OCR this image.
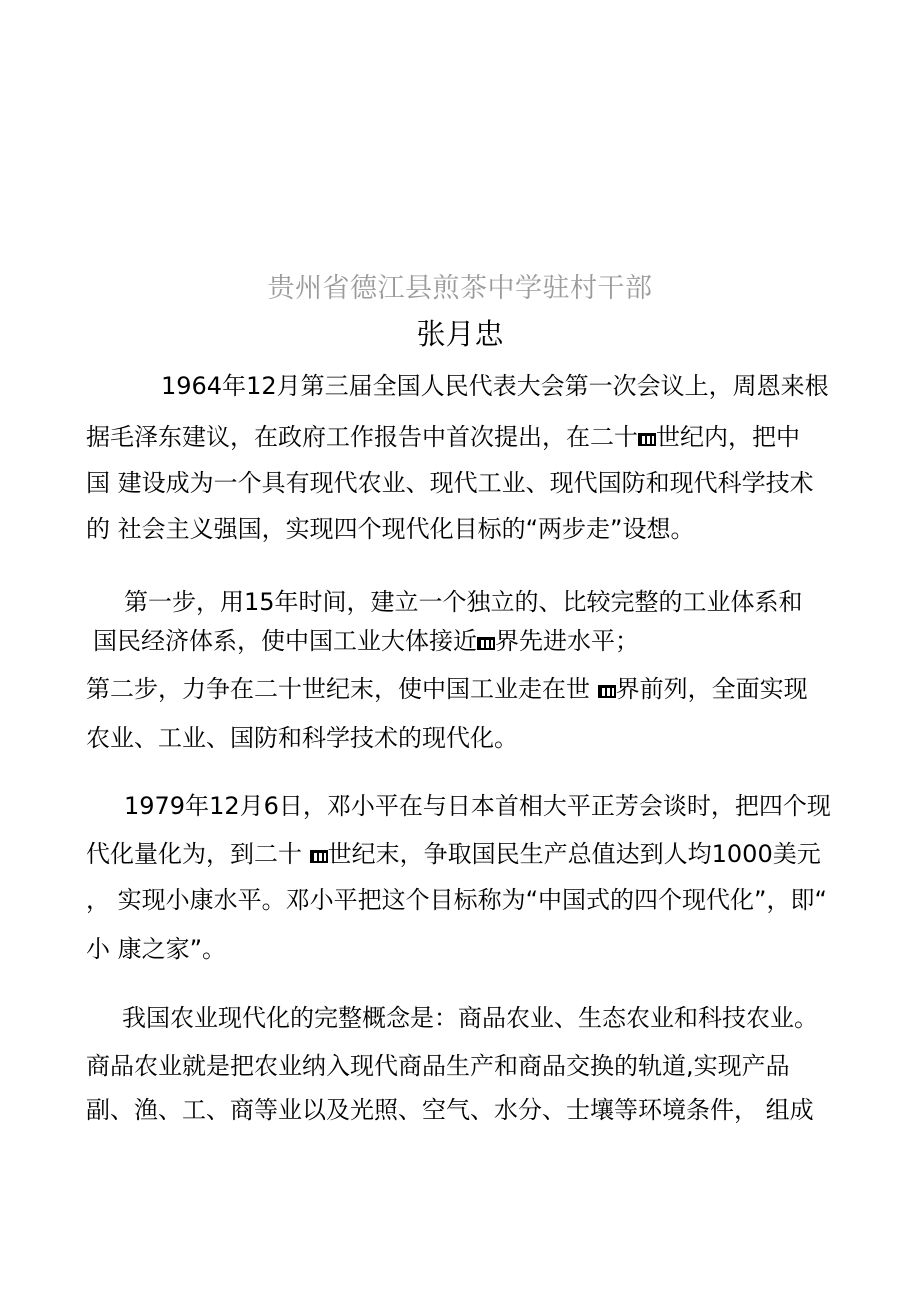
贵州省德江县煎茶中学驻村干部
张月忠

1964年12月第三届全国人民代表大会第一次会议上，周恩来根

据毛泽东建议，在政府工作报告中首次提出，在二十 世纪内，把中

国 建设成为一个具有现代农业、现代工业、现代国防和现代科学技术

的 社会主义强国，实现四个现代化目标的“两步走”设想。

第一步，用15年时间，建立一个独立的、比较完整的工业体系和

国民经济体系，使中国工业大体接近 界先进水平；

第二步，力争在二十世纪末，使中国工业走在世 界前列，全面实现

农业、工业、国防和科学技术的现代化。

1979年12月6日，邓小平在与日本首相大平正芳会谈时，把四个现

代化量化为，到二十 世纪末，争取国民生产总值达到人均1000美元

， 实现小康水平。邓小平把这个目标称为“中国式的四个现代化”，即“

小 康之家”。

我国农业现代化的完整概念是：商品农业、生态农业和科技农业。

商品农业就是把农业纳入现代商品生产和商品交换的轨道,实现产品

副、渔、工、商等业以及光照、空气、水分、士壤等环境条件， 组成
